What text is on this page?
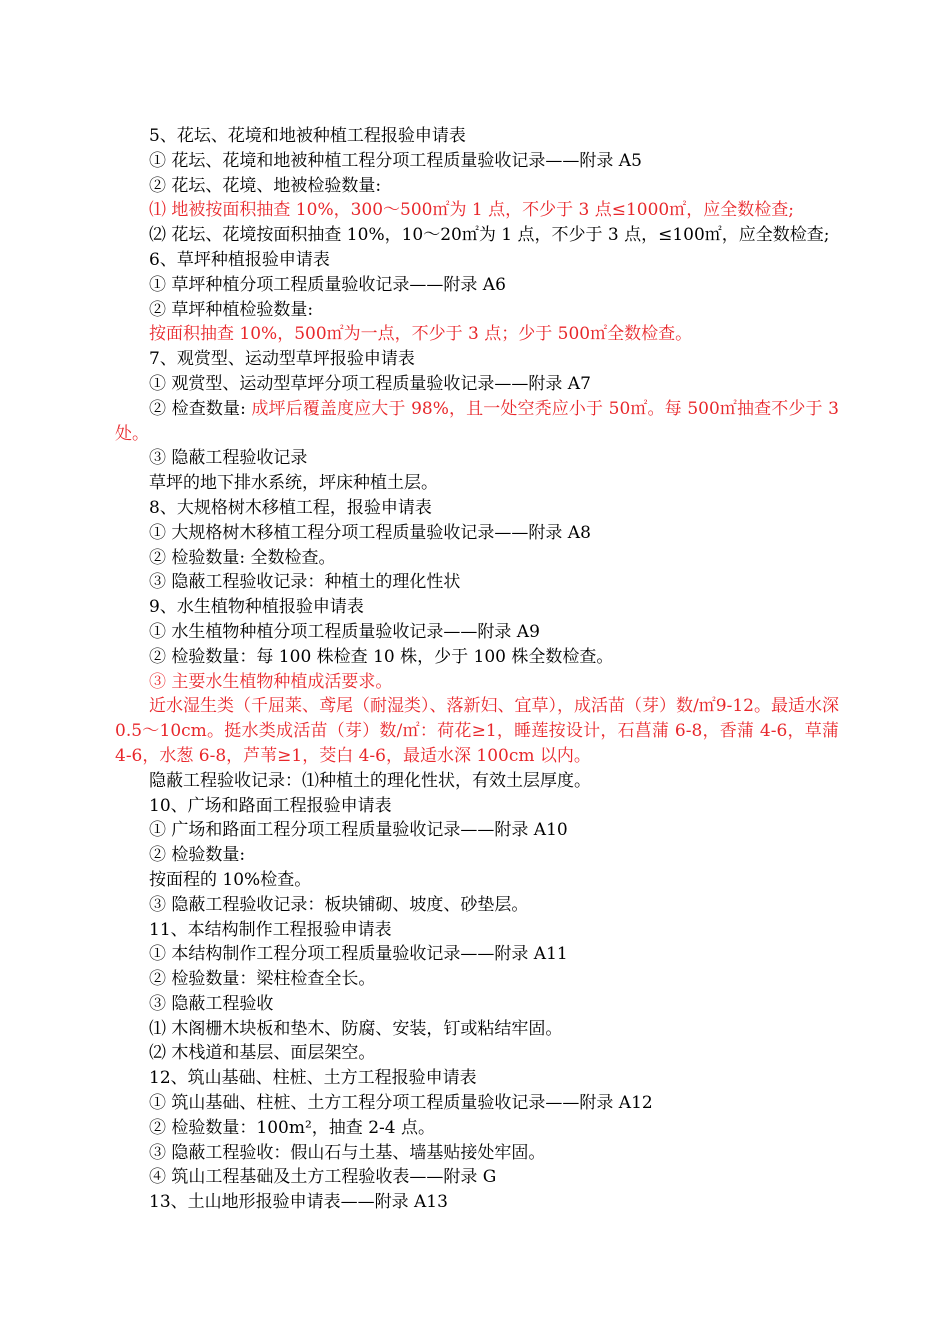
5、花坛、花境和地被种植工程报验申请表
① 花坛、花境和地被种植工程分项工程质量验收记录——附录 A5
② 花坛、花境、地被检验数量:
⑴ 地被按面积抽查 10%，300～500㎡为 1 点，不少于 3 点≤1000㎡，应全数检查;
⑵ 花坛、花境按面积抽查 10%，10～20㎡为 1 点，不少于 3 点，≤100㎡，应全数检查;
6、草坪种植报验申请表
① 草坪种植分项工程质量验收记录——附录 A6
② 草坪种植检验数量:
按面积抽查 10%，500㎡为一点，不少于 3 点；少于 500㎡全数检查。
7、观赏型、运动型草坪报验申请表
① 观赏型、运动型草坪分项工程质量验收记录——附录 A7
② 检查数量: 成坪后覆盖度应大于 98%，且一处空秃应小于 50㎡。每 500㎡抽查不少于 3 处。
③ 隐蔽工程验收记录
草坪的地下排水系统，坪床种植土层。
8、大规格树木移植工程，报验申请表
① 大规格树木移植工程分项工程质量验收记录——附录 A8
② 检验数量: 全数检查。
③ 隐蔽工程验收记录：种植土的理化性状
9、水生植物种植报验申请表
① 水生植物种植分项工程质量验收记录——附录 A9
② 检验数量：每 100 株检查 10 株，少于 100 株全数检查。
③ 主要水生植物种植成活要求。
近水湿生类（千屈莱、鸢尾（耐湿类）、落新妇、宜草），成活苗（芽）数/㎡9-12。最适水深 0.5～10cm。挺水类成活苗（芽）数/㎡：荷花≥1，睡莲按设计，石菖蒲 6-8，香蒲 4-6，草蒲 4-6，水葱 6-8，芦苇≥1，茭白 4-6，最适水深 100cm 以内。
隐蔽工程验收记录：⑴种植土的理化性状，有效土层厚度。
10、广场和路面工程报验申请表
① 广场和路面工程分项工程质量验收记录——附录 A10
② 检验数量:
按面程的 10%检查。
③ 隐蔽工程验收记录：板块铺砌、坡度、砂垫层。
11、本结构制作工程报验申请表
① 本结构制作工程分项工程质量验收记录——附录 A11
② 检验数量：梁柱检查全长。
③ 隐蔽工程验收
⑴ 木阁栅木块板和垫木、防腐、安装，钉或粘结牢固。
⑵ 木栈道和基层、面层架空。
12、筑山基础、柱桩、土方工程报验申请表
① 筑山基础、柱桩、土方工程分项工程质量验收记录——附录 A12
② 检验数量：100m²，抽查 2-4 点。
③ 隐蔽工程验收：假山石与土基、墙基贴接处牢固。
④ 筑山工程基础及土方工程验收表——附录 G
13、土山地形报验申请表——附录 A13
